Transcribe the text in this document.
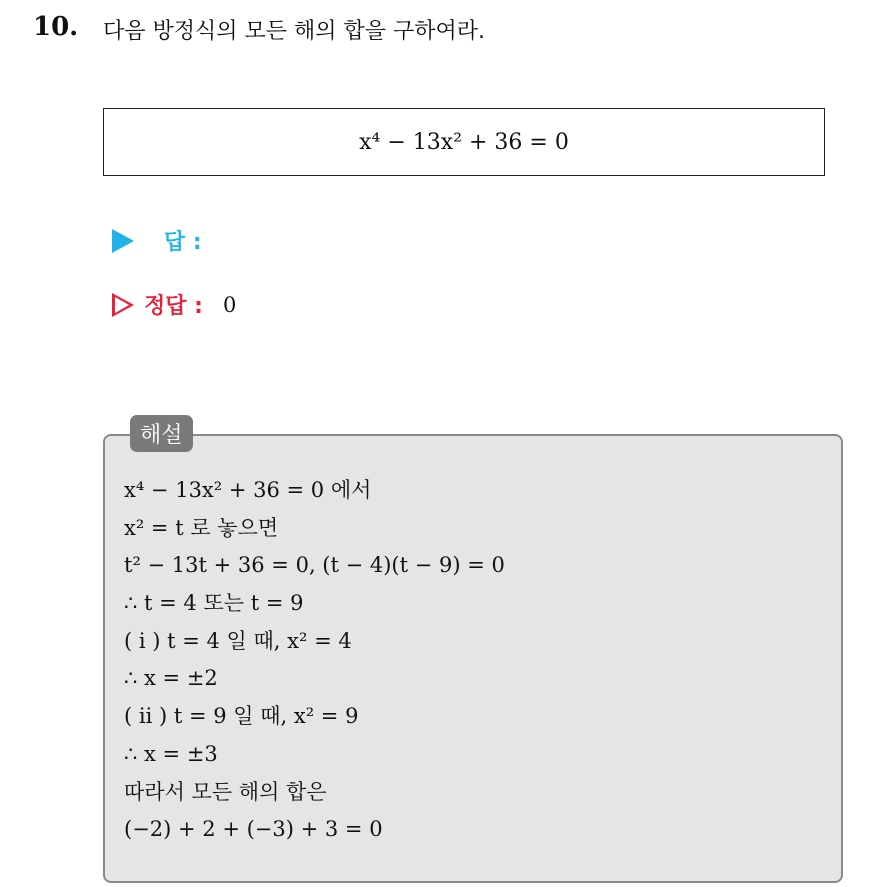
10. 다음 방정식의 모든 해의 합을 구하여라.
x⁴ − 13x² + 36 = 0
답 :
정답 : 0
해설
x⁴ − 13x² + 36 = 0 에서
x² = t 로 놓으면
t² − 13t + 36 = 0, (t − 4)(t − 9) = 0
∴ t = 4 또는 t = 9
( i ) t = 4 일 때, x² = 4
∴ x = ±2
( ii ) t = 9 일 때, x² = 9
∴ x = ±3
따라서 모든 해의 합은
(−2) + 2 + (−3) + 3 = 0
